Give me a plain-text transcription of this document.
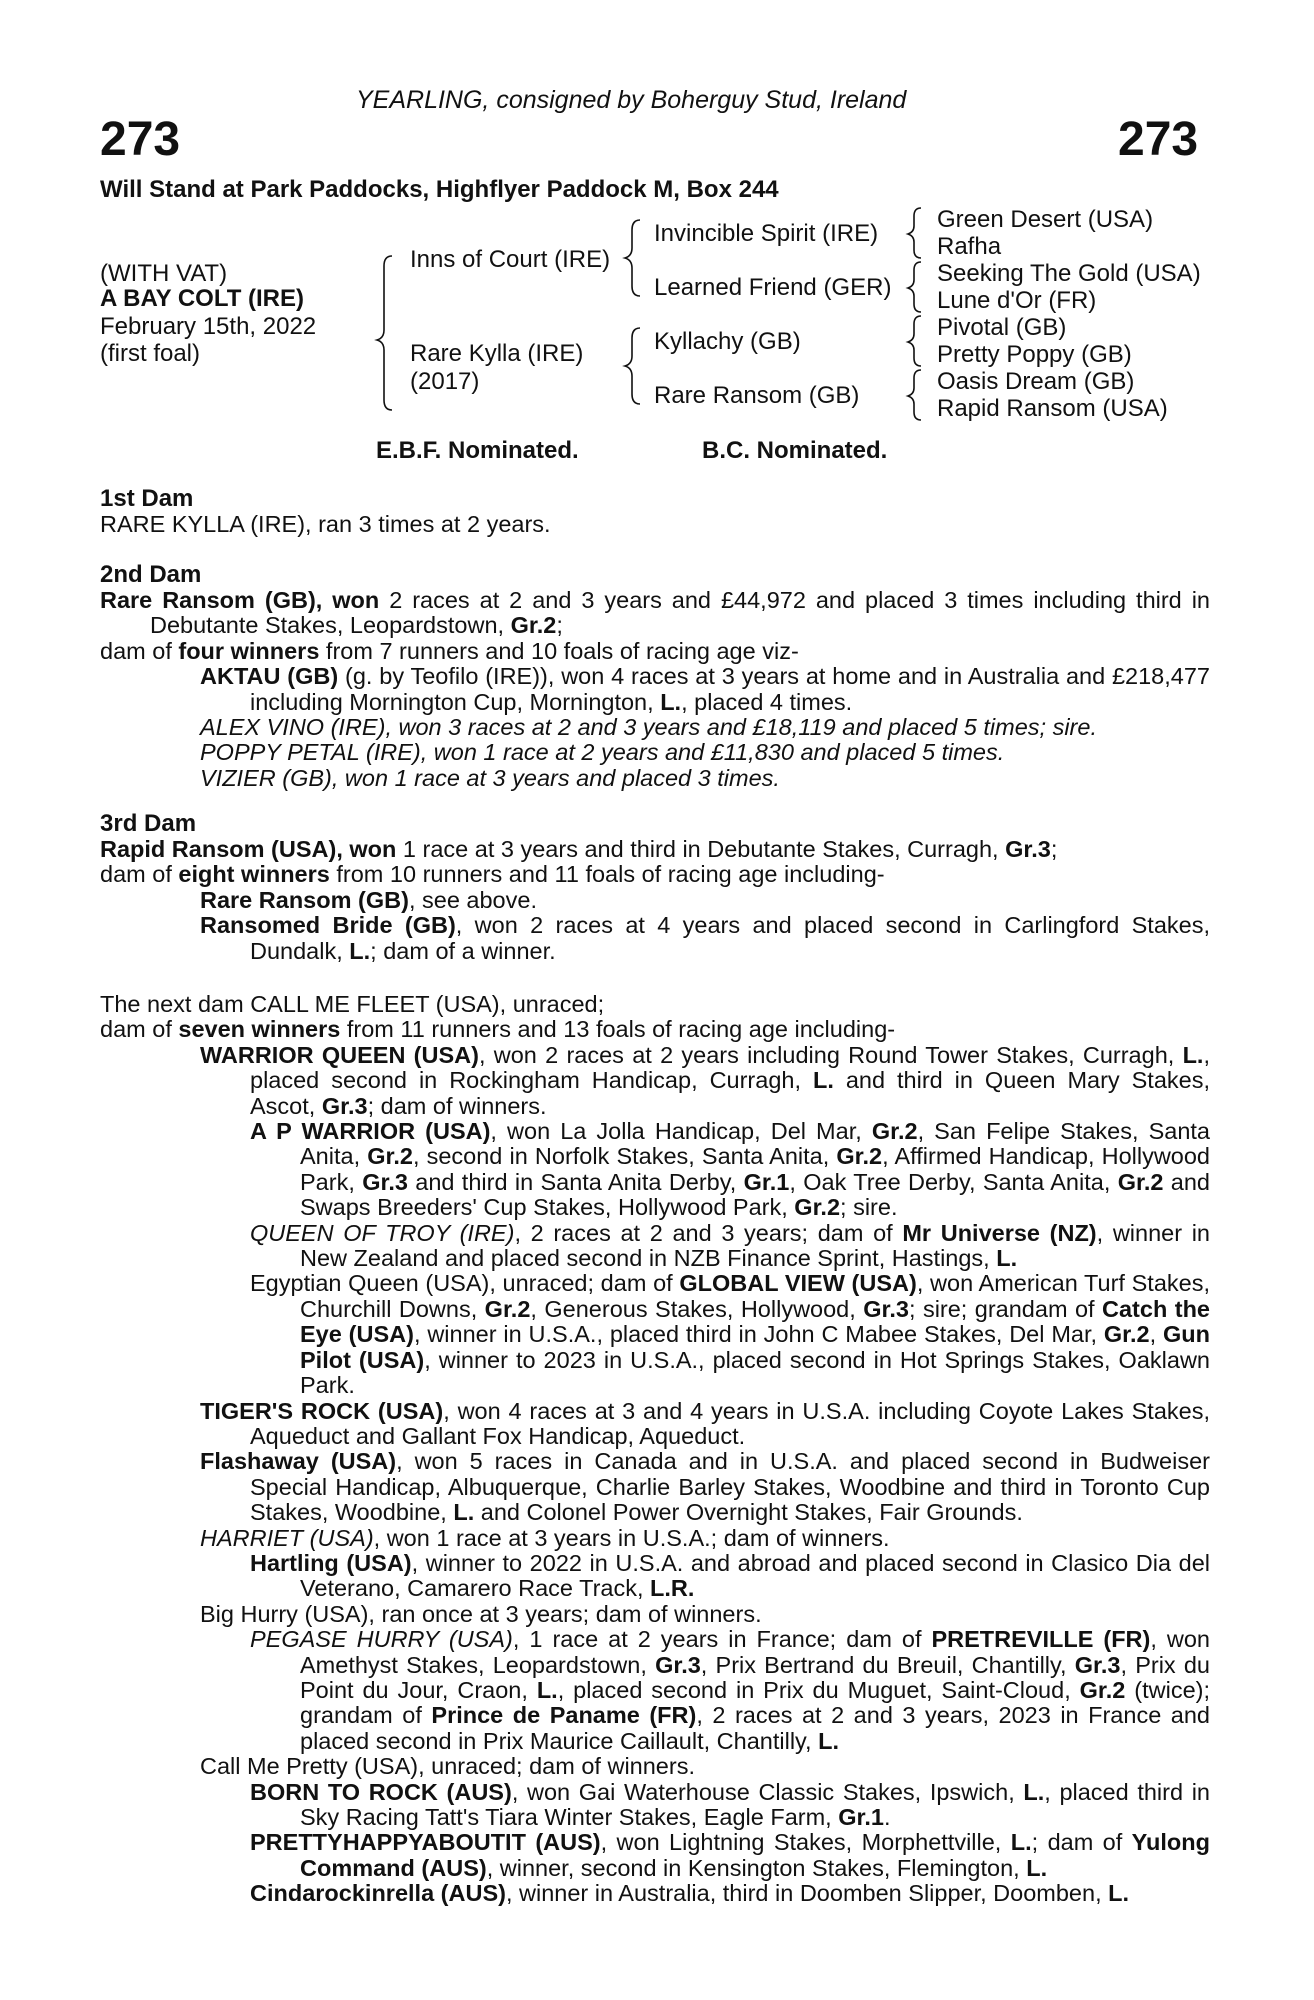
YEARLING, consigned by Boherguy Stud, Ireland
273	273
Will Stand at Park Paddocks, Highflyer Paddock M, Box 244
(WITH VAT)
A BAY COLT (IRE)
February 15th, 2022
(first foal)
Inns of Court (IRE)
Rare Kylla (IRE)
(2017)
Invincible Spirit (IRE)
Learned Friend (GER)
Kyllachy (GB)
Rare Ransom (GB)
Green Desert (USA)
Rafha
Seeking The Gold (USA)
Lune d'Or (FR)
Pivotal (GB)
Pretty Poppy (GB)
Oasis Dream (GB)
Rapid Ransom (USA)
E.B.F. Nominated.	B.C. Nominated.

1st Dam

RARE KYLLA (IRE), ran 3 times at 2 years.

2nd Dam

Rare Ransom (GB), won 2 races at 2 and 3 years and £44,972 and placed 3 times including third in Debutante Stakes, Leopardstown, Gr.2;

dam of four winners from 7 runners and 10 foals of racing age viz-

AKTAU (GB) (g. by Teofilo (IRE)), won 4 races at 3 years at home and in Australia and £218,477 including Mornington Cup, Mornington, L., placed 4 times.

ALEX VINO (IRE), won 3 races at 2 and 3 years and £18,119 and placed 5 times; sire.

POPPY PETAL (IRE), won 1 race at 2 years and £11,830 and placed 5 times.

VIZIER (GB), won 1 race at 3 years and placed 3 times.

3rd Dam

Rapid Ransom (USA), won 1 race at 3 years and third in Debutante Stakes, Curragh, Gr.3;

dam of eight winners from 10 runners and 11 foals of racing age including-

Rare Ransom (GB), see above.

Ransomed Bride (GB), won 2 races at 4 years and placed second in Carlingford Stakes, Dundalk, L.; dam of a winner.

The next dam CALL ME FLEET (USA), unraced;

dam of seven winners from 11 runners and 13 foals of racing age including-

WARRIOR QUEEN (USA), won 2 races at 2 years including Round Tower Stakes, Curragh, L., placed second in Rockingham Handicap, Curragh, L. and third in Queen Mary Stakes, Ascot, Gr.3; dam of winners.

A P WARRIOR (USA), won La Jolla Handicap, Del Mar, Gr.2, San Felipe Stakes, Santa Anita, Gr.2, second in Norfolk Stakes, Santa Anita, Gr.2, Affirmed Handicap, Hollywood Park, Gr.3 and third in Santa Anita Derby, Gr.1, Oak Tree Derby, Santa Anita, Gr.2 and Swaps Breeders' Cup Stakes, Hollywood Park, Gr.2; sire.

QUEEN OF TROY (IRE), 2 races at 2 and 3 years; dam of Mr Universe (NZ), winner in New Zealand and placed second in NZB Finance Sprint, Hastings, L.

Egyptian Queen (USA), unraced; dam of GLOBAL VIEW (USA), won American Turf Stakes, Churchill Downs, Gr.2, Generous Stakes, Hollywood, Gr.3; sire; grandam of Catch the Eye (USA), winner in U.S.A., placed third in John C Mabee Stakes, Del Mar, Gr.2, Gun Pilot (USA), winner to 2023 in U.S.A., placed second in Hot Springs Stakes, Oaklawn Park.

TIGER'S ROCK (USA), won 4 races at 3 and 4 years in U.S.A. including Coyote Lakes Stakes, Aqueduct and Gallant Fox Handicap, Aqueduct.

Flashaway (USA), won 5 races in Canada and in U.S.A. and placed second in Budweiser Special Handicap, Albuquerque, Charlie Barley Stakes, Woodbine and third in Toronto Cup Stakes, Woodbine, L. and Colonel Power Overnight Stakes, Fair Grounds.

HARRIET (USA), won 1 race at 3 years in U.S.A.; dam of winners.

Hartling (USA), winner to 2022 in U.S.A. and abroad and placed second in Clasico Dia del Veterano, Camarero Race Track, L.R.

Big Hurry (USA), ran once at 3 years; dam of winners.

PEGASE HURRY (USA), 1 race at 2 years in France; dam of PRETREVILLE (FR), won Amethyst Stakes, Leopardstown, Gr.3, Prix Bertrand du Breuil, Chantilly, Gr.3, Prix du Point du Jour, Craon, L., placed second in Prix du Muguet, Saint-Cloud, Gr.2 (twice); grandam of Prince de Paname (FR), 2 races at 2 and 3 years, 2023 in France and placed second in Prix Maurice Caillault, Chantilly, L.

Call Me Pretty (USA), unraced; dam of winners.

BORN TO ROCK (AUS), won Gai Waterhouse Classic Stakes, Ipswich, L., placed third in Sky Racing Tatt's Tiara Winter Stakes, Eagle Farm, Gr.1.

PRETTYHAPPYABOUTIT (AUS), won Lightning Stakes, Morphettville, L.; dam of Yulong Command (AUS), winner, second in Kensington Stakes, Flemington, L.

Cindarockinrella (AUS), winner in Australia, third in Doomben Slipper, Doomben, L.
